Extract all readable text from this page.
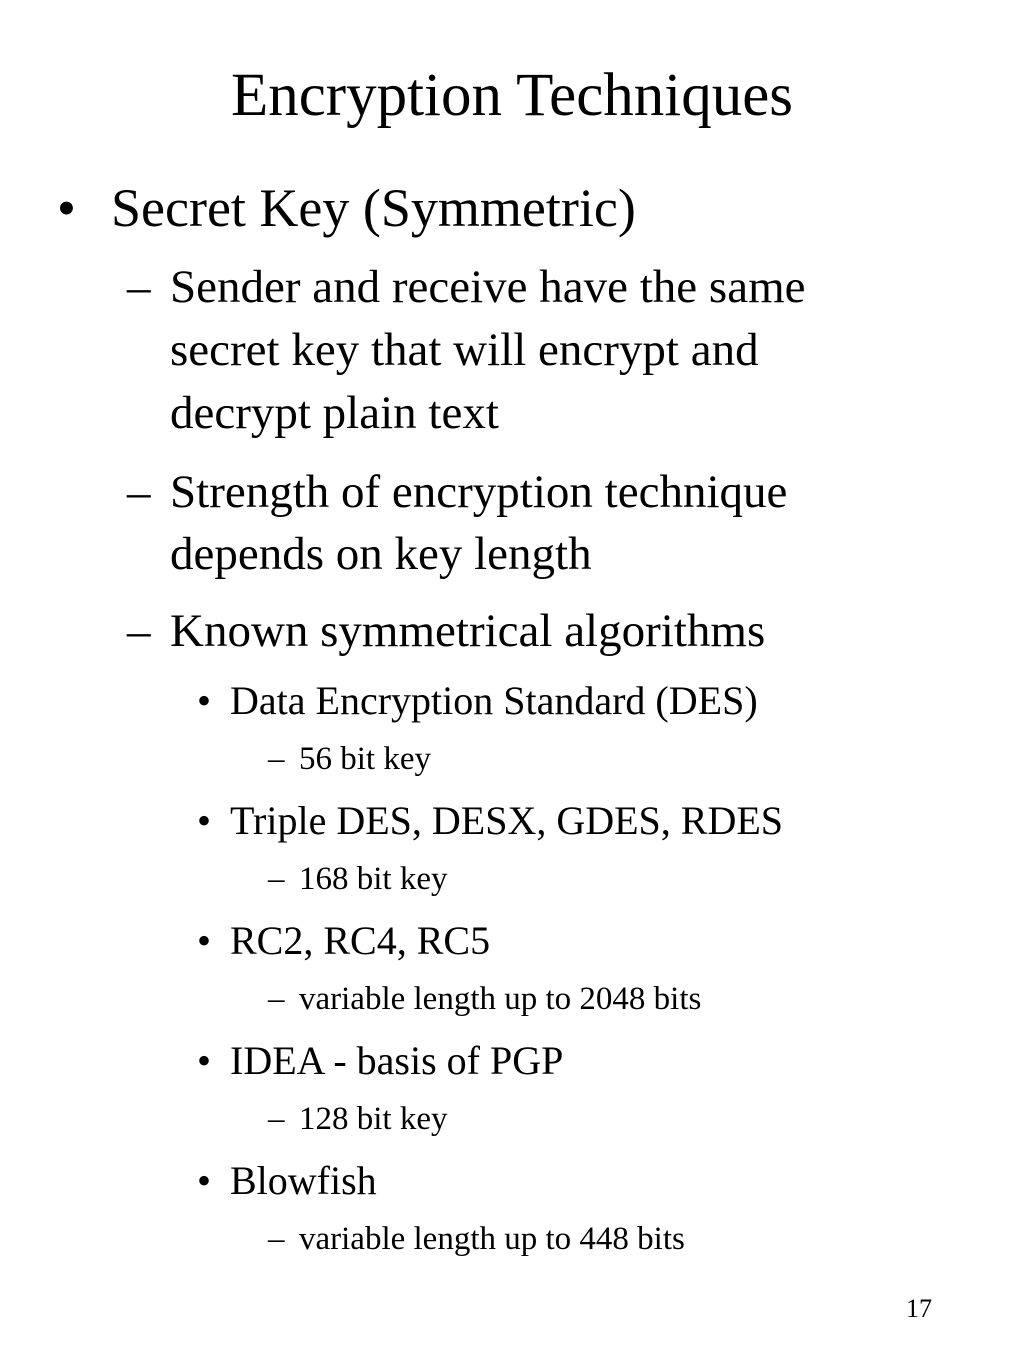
Encryption Techniques
• Secret Key (Symmetric)
– Sender and receive have the same
secret key that will encrypt and
decrypt plain text
– Strength of encryption technique
depends on key length
– Known symmetrical algorithms
• Data Encryption Standard (DES)
– 56 bit key
• Triple DES, DESX, GDES, RDES
– 168 bit key
• RC2, RC4, RC5
– variable length up to 2048 bits
• IDEA - basis of PGP
– 128 bit key
• Blowfish
– variable length up to 448 bits
17
